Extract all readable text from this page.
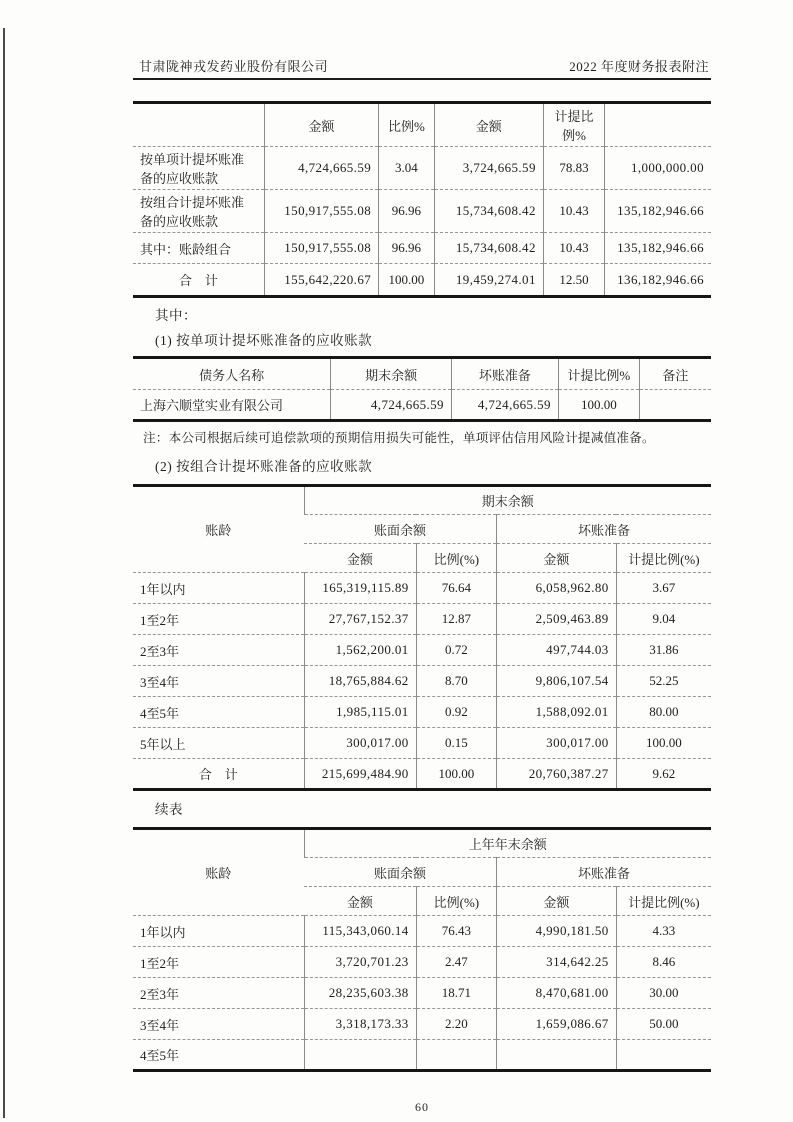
甘肃陇神戎发药业股份有限公司	2022 年度财务报表附注
	金额	比例%	金额	计提比例%	
按单项计提坏账准备的应收账款	4,724,665.59	3.04	3,724,665.59	78.83	1,000,000.00
按组合计提坏账准备的应收账款	150,917,555.08	96.96	15,734,608.42	10.43	135,182,946.66
其中：账龄组合	150,917,555.08	96.96	15,734,608.42	10.43	135,182,946.66
合　计	155,642,220.67	100.00	19,459,274.01	12.50	136,182,946.66
其中：
(1) 按单项计提坏账准备的应收账款
债务人名称	期末余额	坏账准备	计提比例%	备注
上海六顺堂实业有限公司	4,724,665.59	4,724,665.59	100.00	
注：本公司根据后续可追偿款项的预期信用损失可能性，单项评估信用风险计提减值准备。
(2) 按组合计提坏账准备的应收账款
账龄	期末余额			
	账面余额		坏账准备	
	金额	比例(%)	金额	计提比例(%)
1年以内	165,319,115.89	76.64	6,058,962.80	3.67
1至2年	27,767,152.37	12.87	2,509,463.89	9.04
2至3年	1,562,200.01	0.72	497,744.03	31.86
3至4年	18,765,884.62	8.70	9,806,107.54	52.25
4至5年	1,985,115.01	0.92	1,588,092.01	80.00
5年以上	300,017.00	0.15	300,017.00	100.00
合　计	215,699,484.90	100.00	20,760,387.27	9.62
续表
账龄	上年年末余额			
	账面余额		坏账准备	
	金额	比例(%)	金额	计提比例(%)
1年以内	115,343,060.14	76.43	4,990,181.50	4.33
1至2年	3,720,701.23	2.47	314,642.25	8.46
2至3年	28,235,603.38	18.71	8,470,681.00	30.00
3至4年	3,318,173.33	2.20	1,659,086.67	50.00
4至5年				
60
